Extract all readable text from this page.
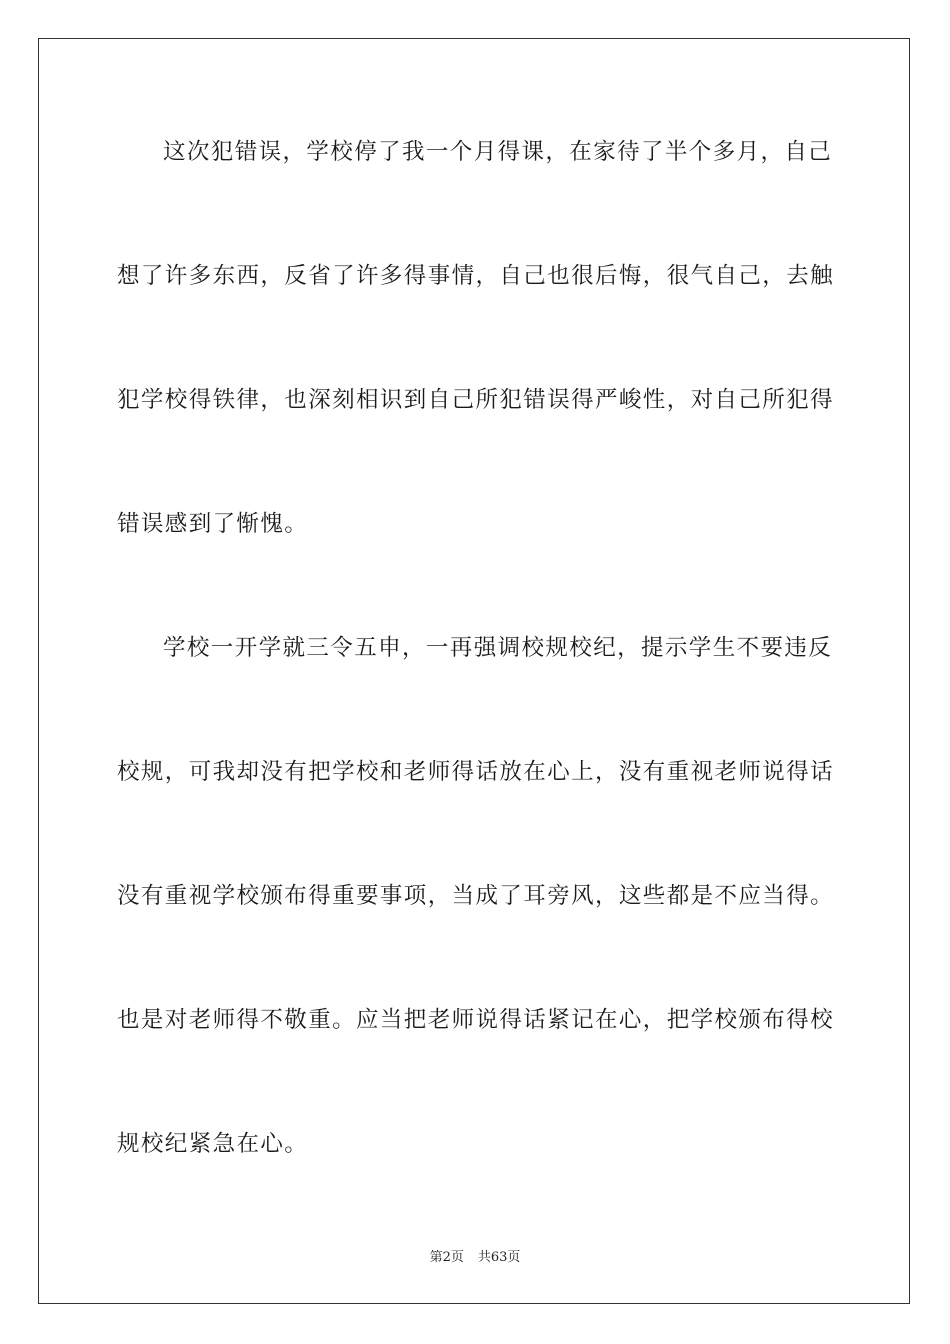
这次犯错误，学校停了我一个月得课，在家待了半个多月，自己
想了许多东西，反省了许多得事情，自己也很后悔，很气自己，去触
犯学校得铁律，也深刻相识到自己所犯错误得严峻性，对自己所犯得
错误感到了惭愧。
学校一开学就三令五申，一再强调校规校纪，提示学生不要违反
校规，可我却没有把学校和老师得话放在心上，没有重视老师说得话
没有重视学校颁布得重要事项，当成了耳旁风，这些都是不应当得。
也是对老师得不敬重。应当把老师说得话紧记在心，把学校颁布得校
规校纪紧急在心。
第2页 共63页
